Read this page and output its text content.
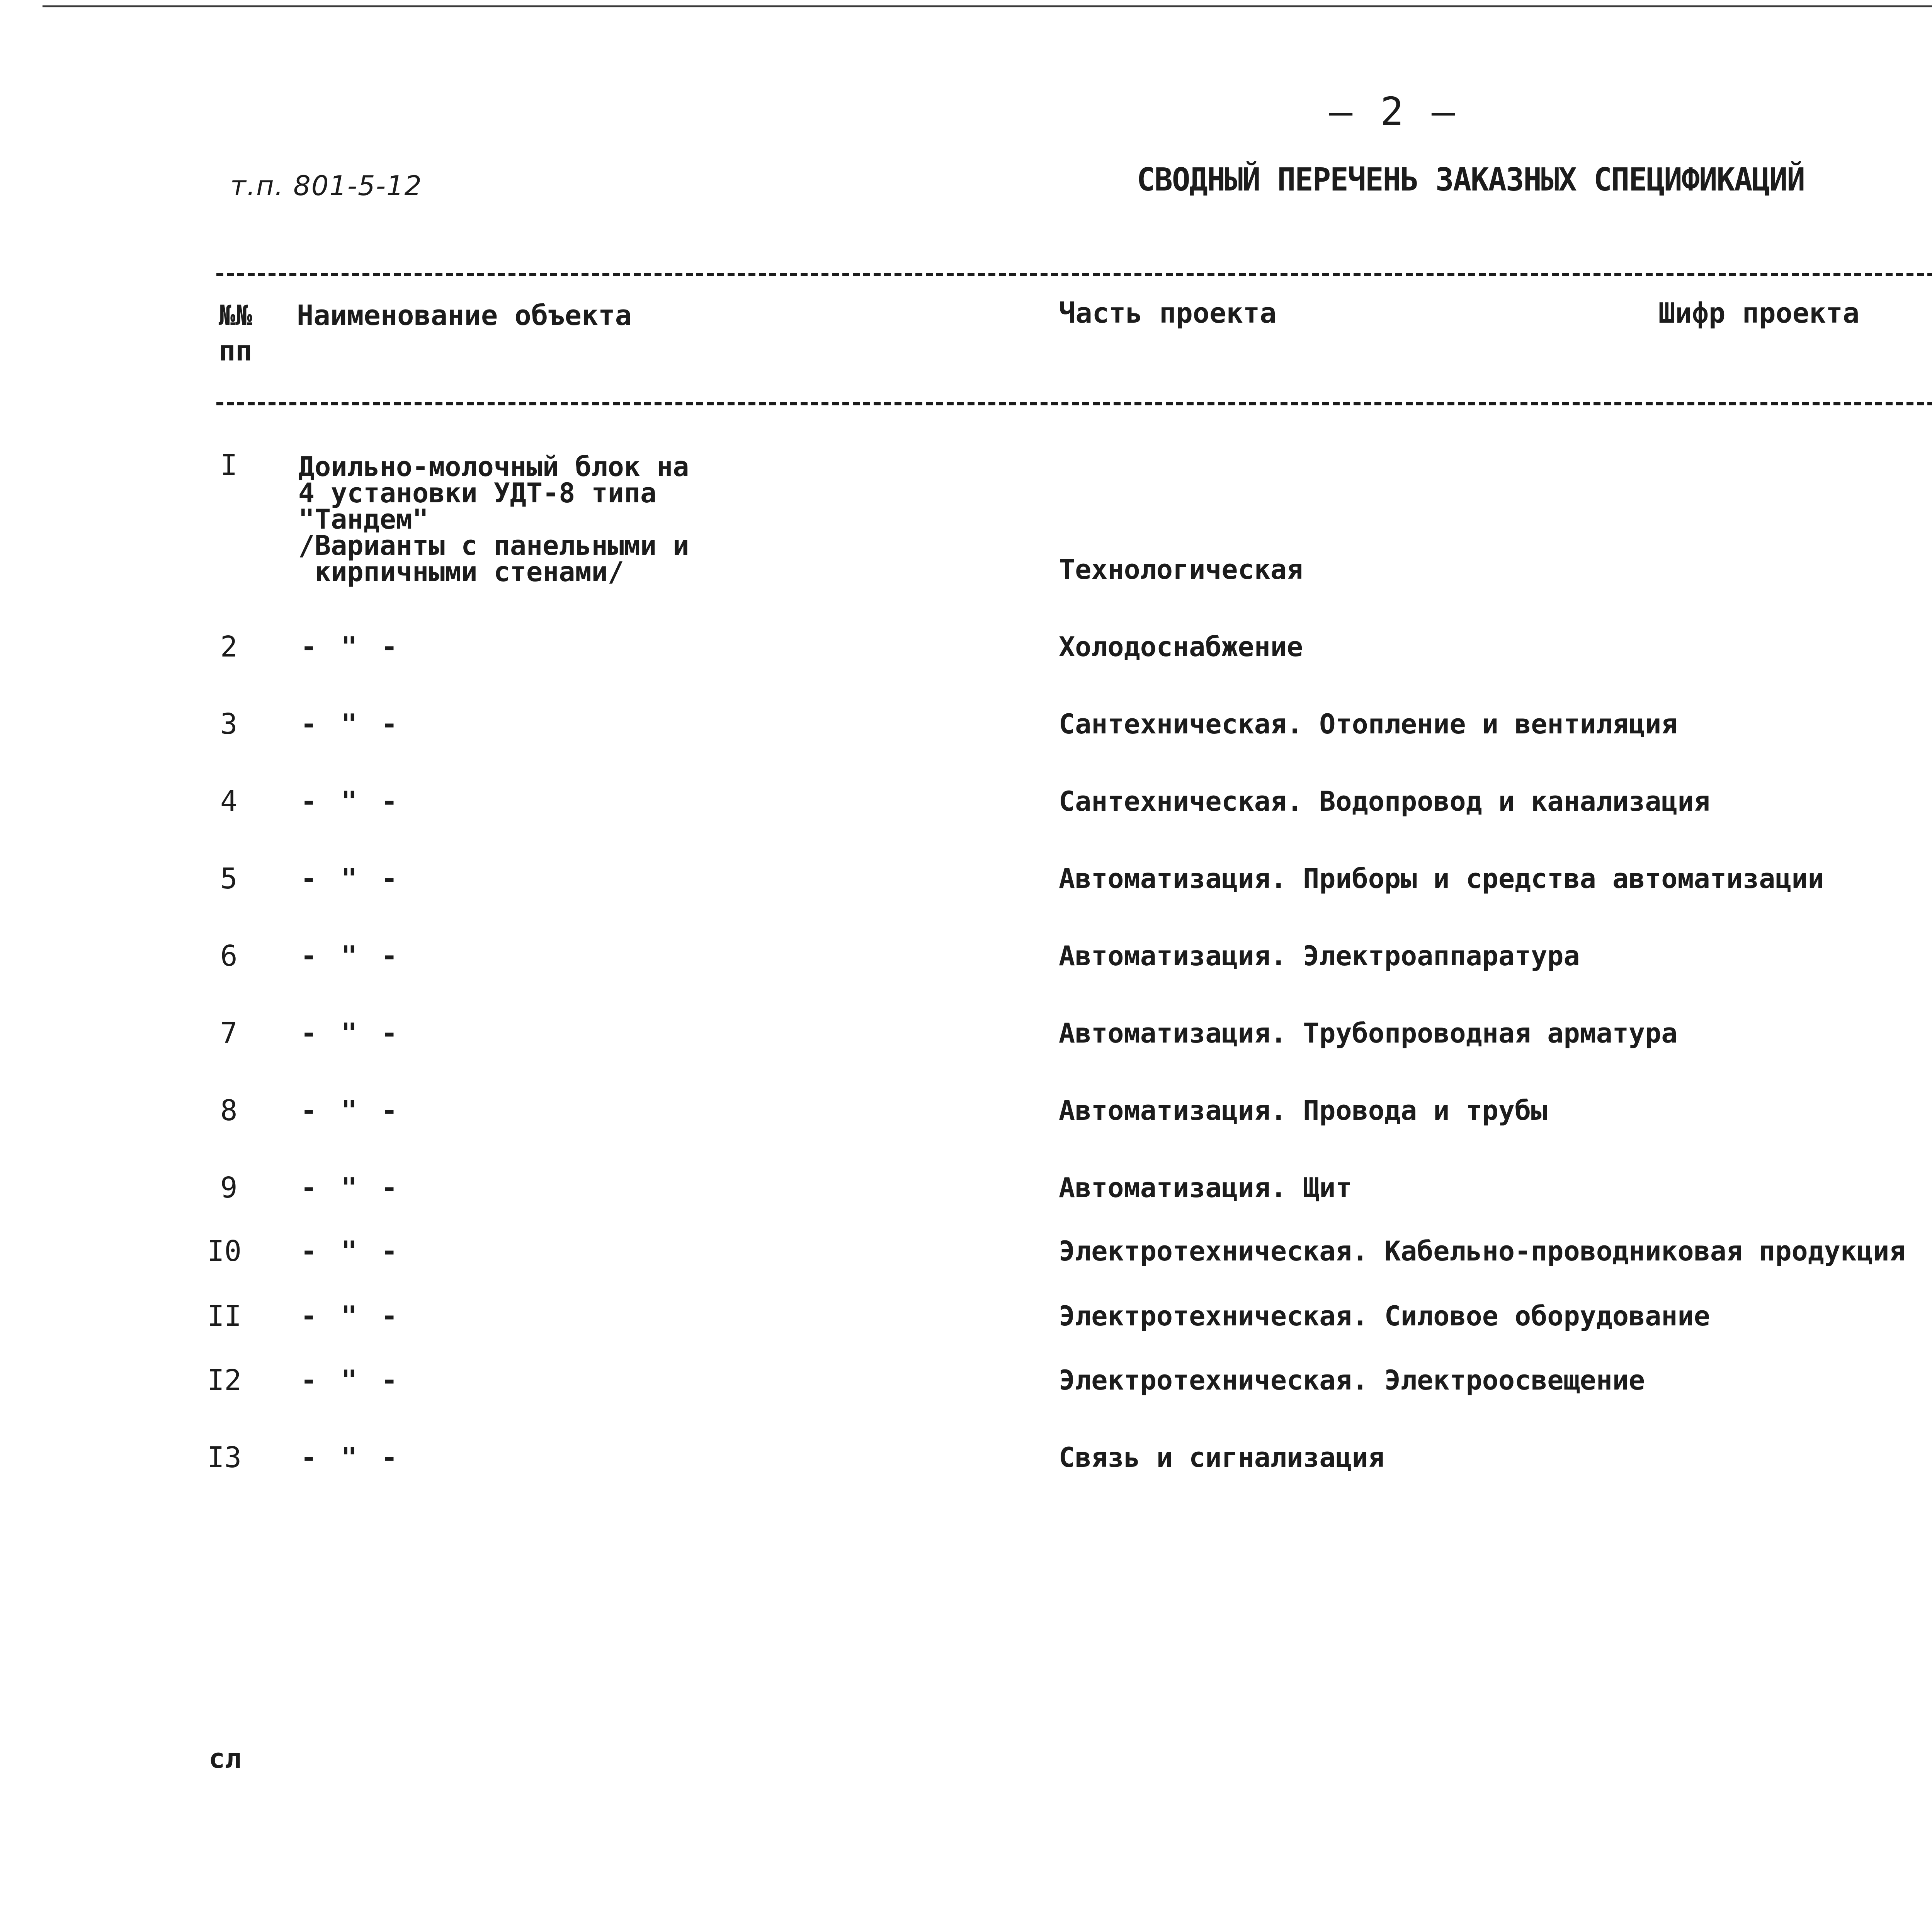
– 2 –
т.п. 801-5-12	СВОДНЫЙ ПЕРЕЧЕНЬ ЗАКАЗНЫХ СПЕЦИФИКАЦИЙ
№№
пп
Наименование объекта	Часть проекта	Шифр проекта
I Доильно-молочный блок на
4 установки УДТ-8 типа
"Тандем"
/Варианты с панельными и
кирпичными стенами/	Технологическая
2 - " -	Холодоснабжение
3 - " -	Сантехническая. Отопление и вентиляция
4 - " -	Сантехническая. Водопровод и канализация
5 - " -	Автоматизация. Приборы и средства автоматизации
6 - " -	Автоматизация. Электроаппаратура
7 - " -	Автоматизация. Трубопроводная арматура
8 - " -	Автоматизация. Провода и трубы
9 - " -	Автоматизация. Щит
I0 - " -	Электротехническая. Кабельно-проводниковая продукция
II - " -	Электротехническая. Силовое оборудование
I2 - " -	Электротехническая. Электроосвещение
I3 - " -	Связь и сигнализация
сл
